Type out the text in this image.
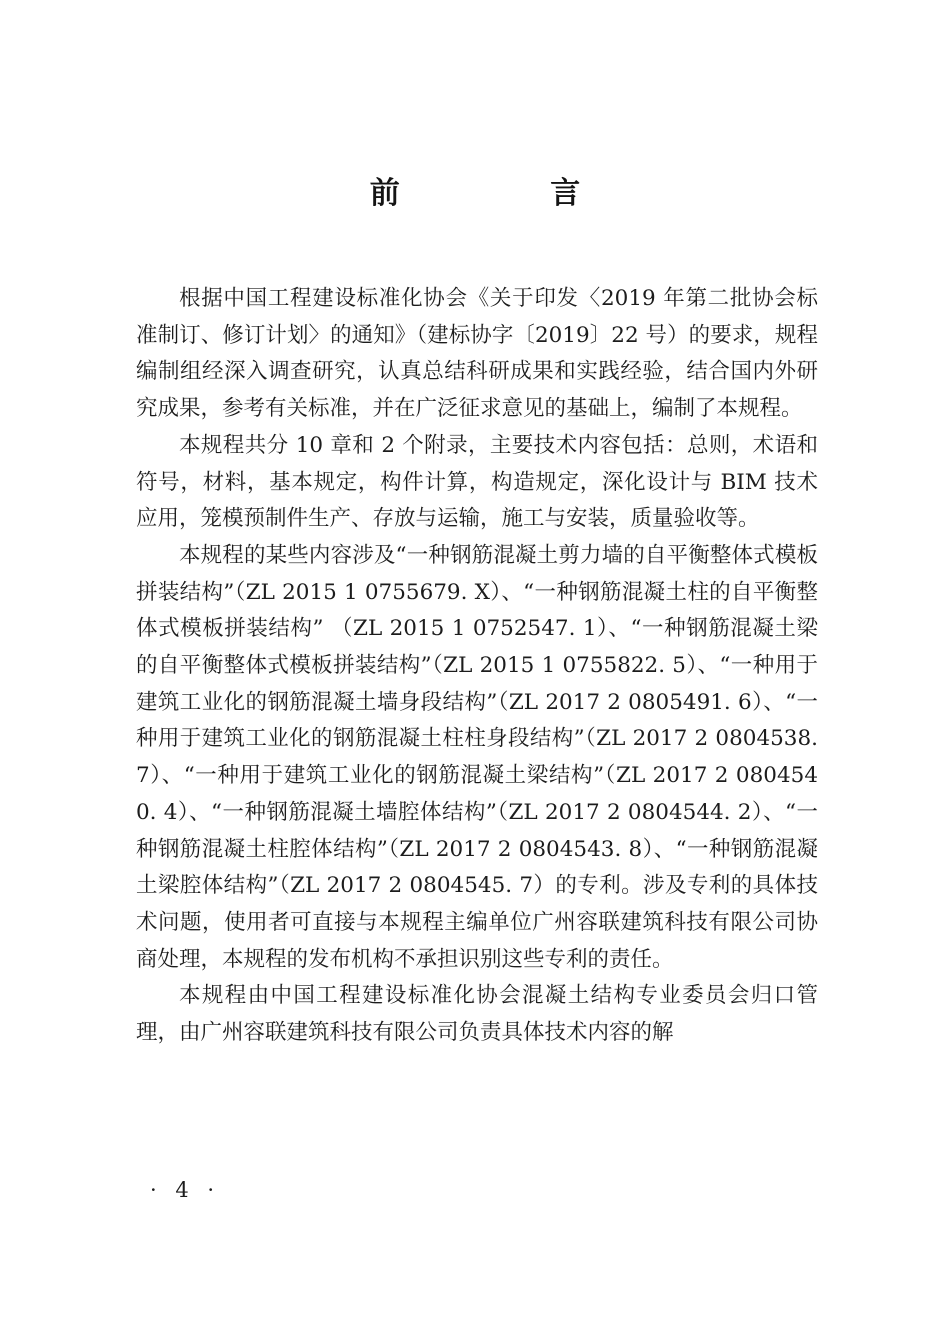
前 言

根据中国工程建设标准化协会《关于印发〈2019 年第二批协会标准制订、修订计划〉的通知》（建标协字〔2019〕22 号）的要求，规程编制组经深入调查研究，认真总结科研成果和实践经验，结合国内外研究成果，参考有关标准，并在广泛征求意见的基础上，编制了本规程。

本规程共分 10 章和 2 个附录，主要技术内容包括：总则，术语和符号，材料，基本规定，构件计算，构造规定，深化设计与 BIM 技术应用，笼模预制件生产、存放与运输，施工与安装，质量验收等。

本规程的某些内容涉及“一种钢筋混凝土剪力墙的自平衡整体式模板拼装结构”（ZL 2015 1 0755679. X）、“一种钢筋混凝土柱的自平衡整体式模板拼装结构” （ZL 2015 1 0752547. 1）、“一种钢筋混凝土梁的自平衡整体式模板拼装结构”（ZL 2015 1 0755822. 5）、“一种用于建筑工业化的钢筋混凝土墙身段结构”（ZL 2017 2 0805491. 6）、“一种用于建筑工业化的钢筋混凝土柱柱身段结构”（ZL 2017 2 0804538. 7）、“一种用于建筑工业化的钢筋混凝土梁结构”（ZL 2017 2 0804540. 4）、“一种钢筋混凝土墙腔体结构”（ZL 2017 2 0804544. 2）、“一种钢筋混凝土柱腔体结构”（ZL 2017 2 0804543. 8）、“一种钢筋混凝土梁腔体结构”（ZL 2017 2 0804545. 7）的专利。涉及专利的具体技术问题，使用者可直接与本规程主编单位广州容联建筑科技有限公司协商处理，本规程的发布机构不承担识别这些专利的责任。

本规程由中国工程建设标准化协会混凝土结构专业委员会归口管理，由广州容联建筑科技有限公司负责具体技术内容的解

· 4 ·
